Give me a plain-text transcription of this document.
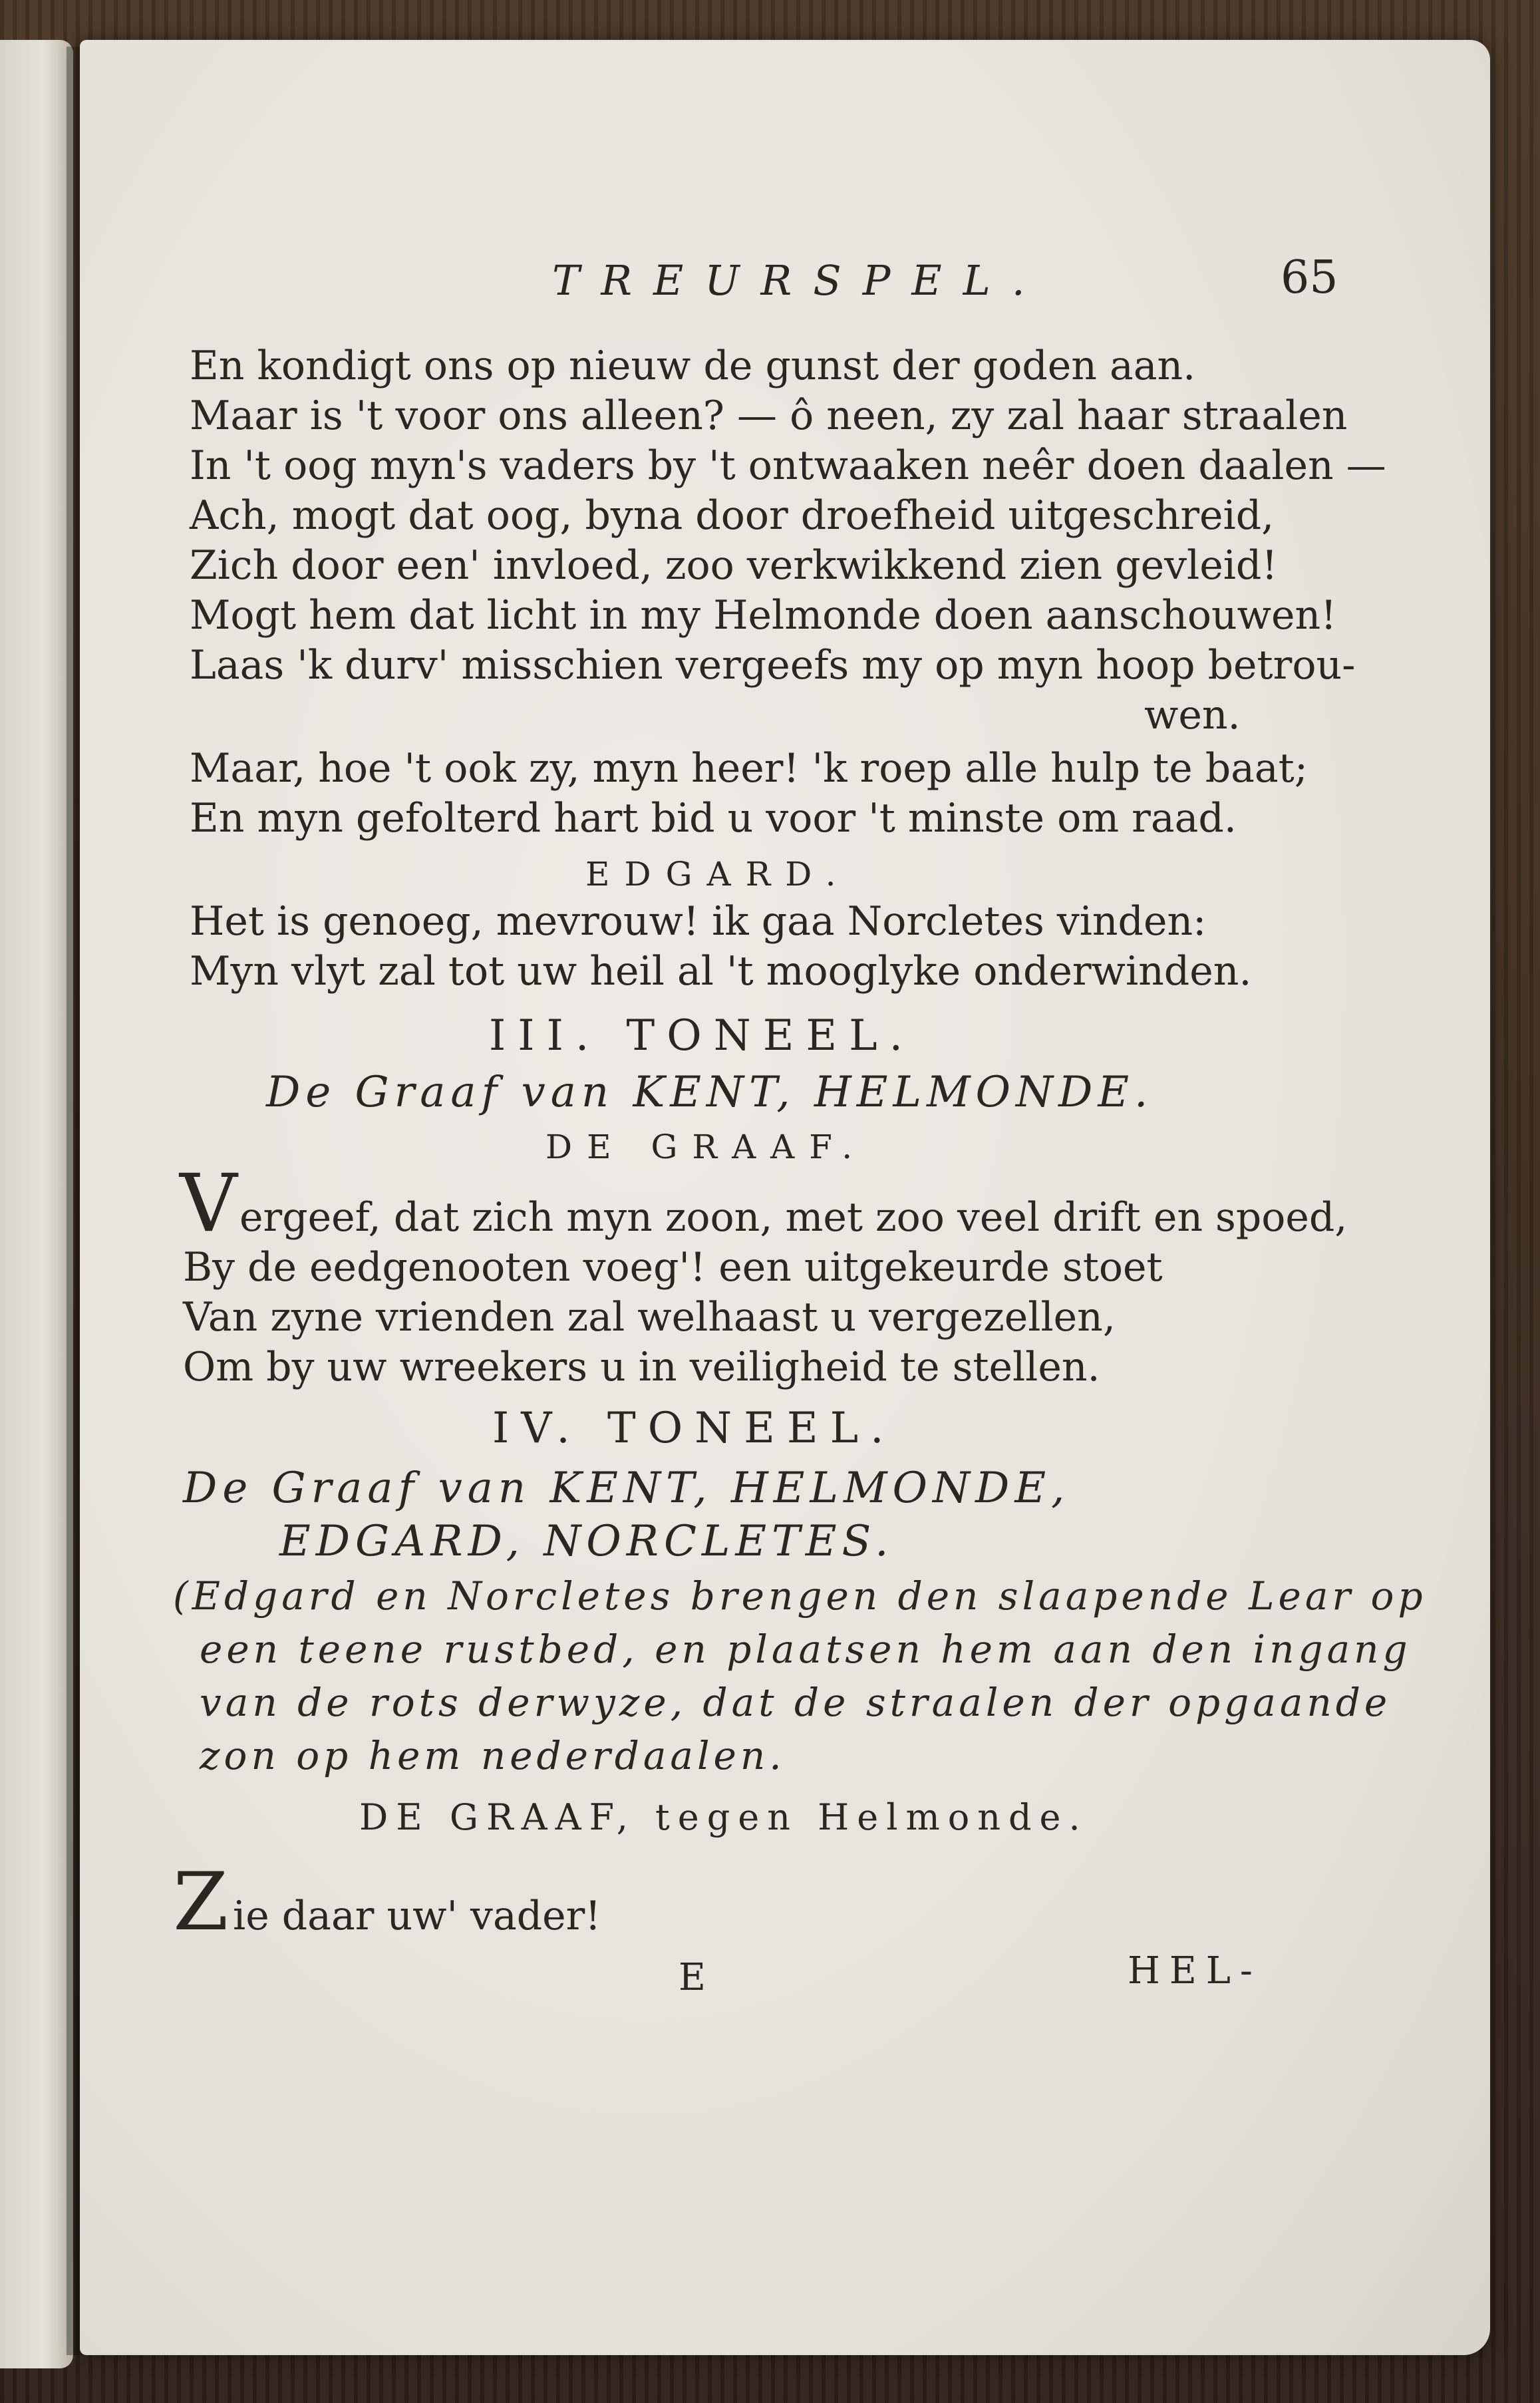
TREURSPEL.	65
En kondigt ons op nieuw de gunst der goden aan.
Maar is 't voor ons alleen? — ô neen, zy zal haar straalen
In 't oog myn's vaders by 't ontwaaken neêr doen daalen —
Ach, mogt dat oog, byna door droefheid uitgeschreid,
Zich door een' invloed, zoo verkwikkend zien gevleid!
Mogt hem dat licht in my Helmonde doen aanschouwen!
Laas 'k durv' misschien vergeefs my op myn hoop betrou-
wen.
Maar, hoe 't ook zy, myn heer! 'k roep alle hulp te baat;
En myn gefolterd hart bid u voor 't minste om raad.
EDGARD.
Het is genoeg, mevrouw! ik gaa Norcletes vinden:
Myn vlyt zal tot uw heil al 't mooglyke onderwinden.
III. TONEEL.
De Graaf van KENT, HELMONDE.
DE GRAAF.
V ergeef, dat zich myn zoon, met zoo veel drift en spoed,
By de eedgenooten voeg'! een uitgekeurde stoet
Van zyne vrienden zal welhaast u vergezellen,
Om by uw wreekers u in veiligheid te stellen.
IV. TONEEL.
De Graaf van KENT, HELMONDE,
EDGARD, NORCLETES.
(Edgard en Norcletes brengen den slaapende Lear op
een teene rustbed, en plaatsen hem aan den ingang
van de rots derwyze, dat de straalen der opgaande
zon op hem nederdaalen.
DE GRAAF, tegen Helmonde.
Z ie daar uw' vader!
E	HEL-
